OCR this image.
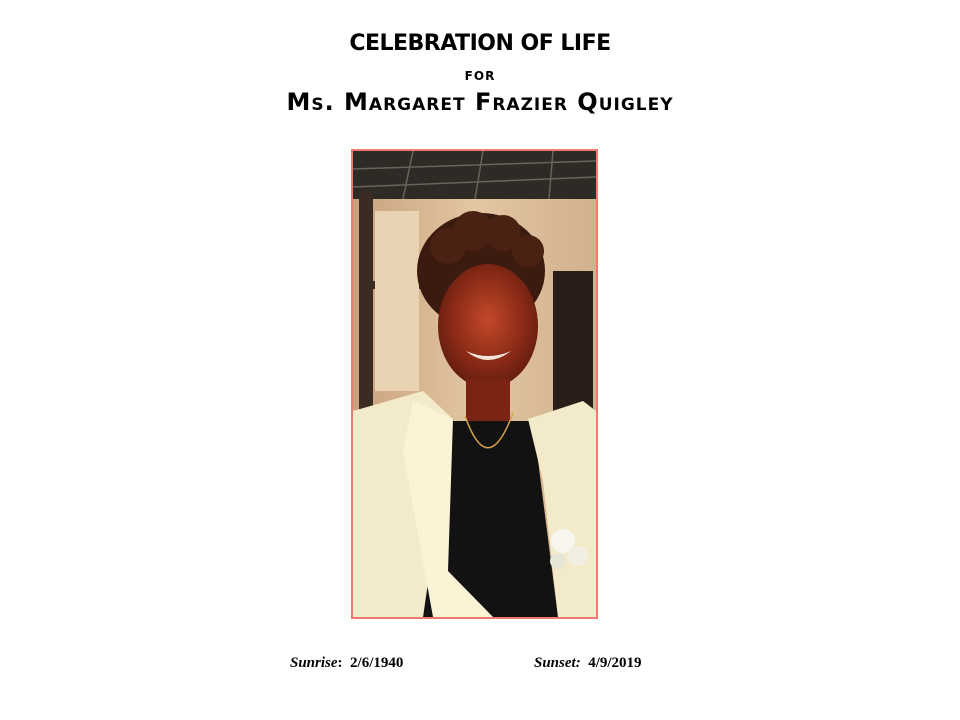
CELEBRATION OF LIFE
for
Ms. Margaret Frazier Quigley
Sunrise: 2/6/1940	Sunset: 4/9/2019
